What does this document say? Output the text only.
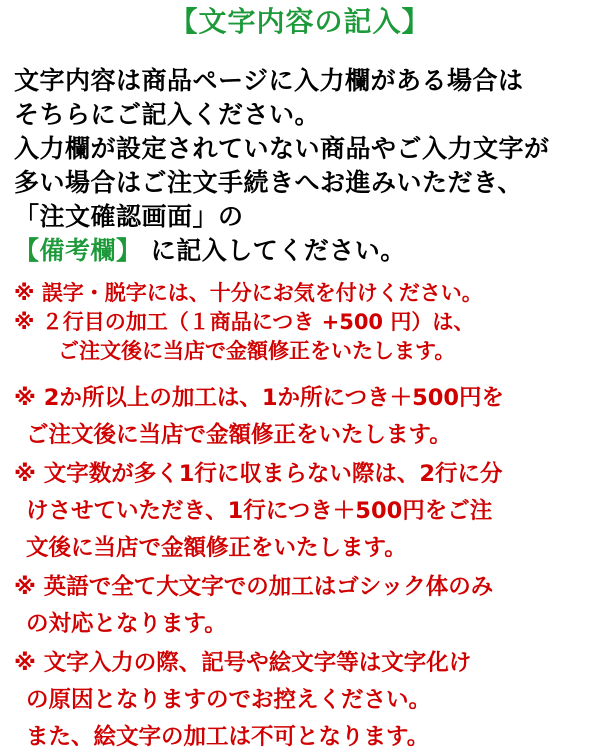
【文字内容の記入】
文字内容は商品ページに入力欄がある場合は
そちらにご記入ください。
入力欄が設定されていない商品やご入力文字が
多い場合はご注文手続きへお進みいただき、
「注文確認画面」の
【備考欄】 に記入してください。
※ 誤字・脱字には、十分にお気を付けください。
※ ２行目の加工（１商品につき +500 円）は、
ご注文後に当店で金額修正をいたします。
※ 2か所以上の加工は、1か所につき＋500円を
ご注文後に当店で金額修正をいたします。
※ 文字数が多く1行に収まらない際は、2行に分
けさせていただき、1行につき＋500円をご注
文後に当店で金額修正をいたします。
※ 英語で全て大文字での加工はゴシック体のみ
の対応となります。
※ 文字入力の際、記号や絵文字等は文字化け
の原因となりますのでお控えください。
また、絵文字の加工は不可となります。
